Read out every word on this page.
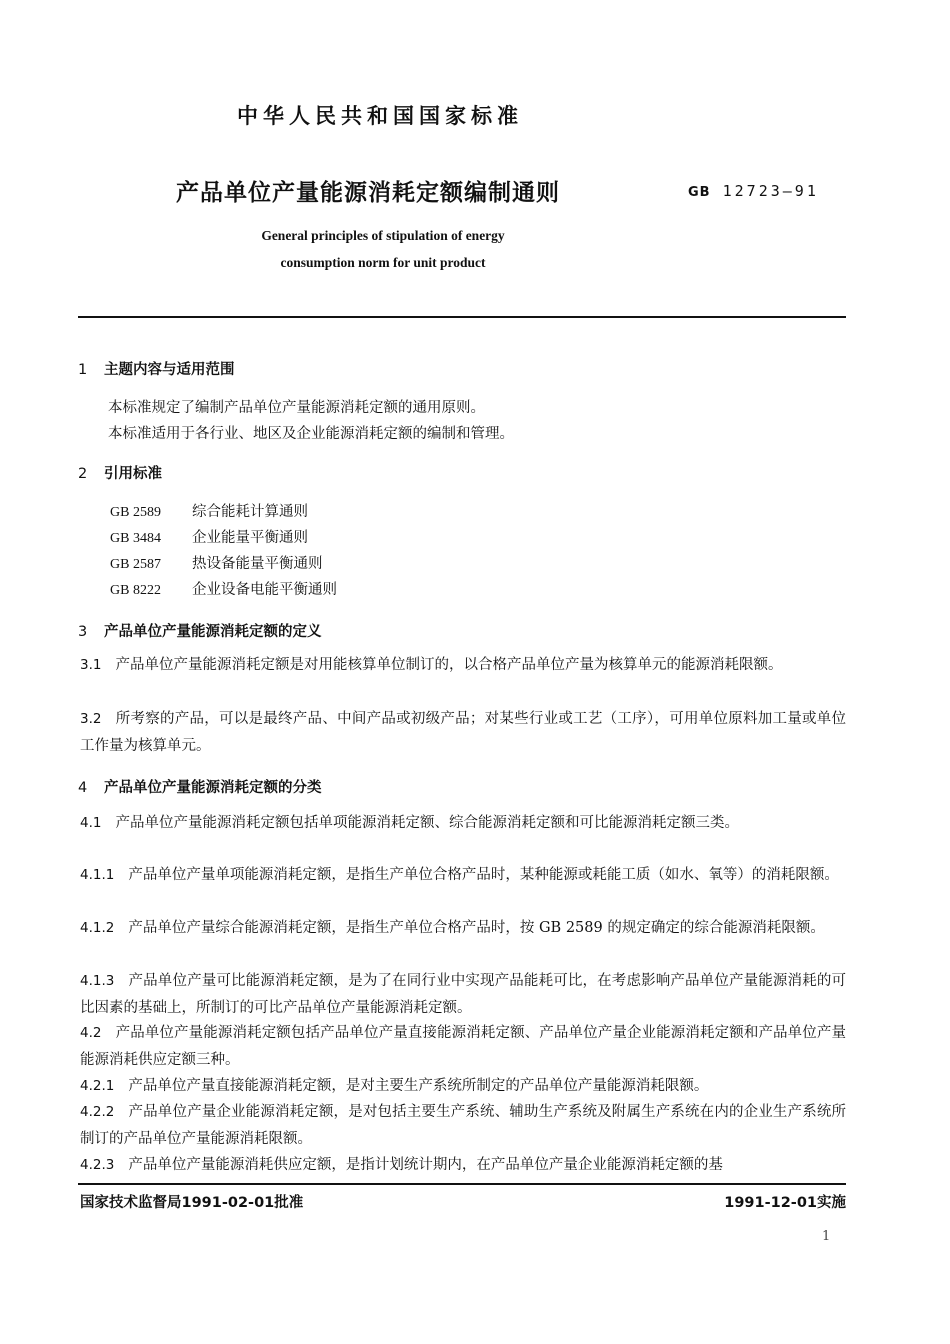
中华人民共和国国家标准
产品单位产量能源消耗定额编制通则	GB 12723—91
General principles of stipulation of energy
consumption norm for unit product
1 主题内容与适用范围
本标准规定了编制产品单位产量能源消耗定额的通用原则。
本标准适用于各行业、地区及企业能源消耗定额的编制和管理。
2 引用标准
GB 2589 综合能耗计算通则
GB 3484 企业能量平衡通则
GB 2587 热设备能量平衡通则
GB 8222 企业设备电能平衡通则
3 产品单位产量能源消耗定额的定义
3.1 产品单位产量能源消耗定额是对用能核算单位制订的，以合格产品单位产量为核算单元的能源消耗限额。
3.2 所考察的产品，可以是最终产品、中间产品或初级产品；对某些行业或工艺（工序），可用单位原料加工量或单位工作量为核算单元。
4 产品单位产量能源消耗定额的分类
4.1 产品单位产量能源消耗定额包括单项能源消耗定额、综合能源消耗定额和可比能源消耗定额三类。
4.1.1 产品单位产量单项能源消耗定额，是指生产单位合格产品时，某种能源或耗能工质（如水、氧等）的消耗限额。
4.1.2 产品单位产量综合能源消耗定额，是指生产单位合格产品时，按 GB 2589 的规定确定的综合能源消耗限额。
4.1.3 产品单位产量可比能源消耗定额，是为了在同行业中实现产品能耗可比，在考虑影响产品单位产量能源消耗的可比因素的基础上，所制订的可比产品单位产量能源消耗定额。
4.2 产品单位产量能源消耗定额包括产品单位产量直接能源消耗定额、产品单位产量企业能源消耗定额和产品单位产量能源消耗供应定额三种。
4.2.1 产品单位产量直接能源消耗定额，是对主要生产系统所制定的产品单位产量能源消耗限额。
4.2.2 产品单位产量企业能源消耗定额，是对包括主要生产系统、辅助生产系统及附属生产系统在内的企业生产系统所制订的产品单位产量能源消耗限额。
4.2.3 产品单位产量能源消耗供应定额，是指计划统计期内，在产品单位产量企业能源消耗定额的基
国家技术监督局1991-02-01批准	1991-12-01实施
1
